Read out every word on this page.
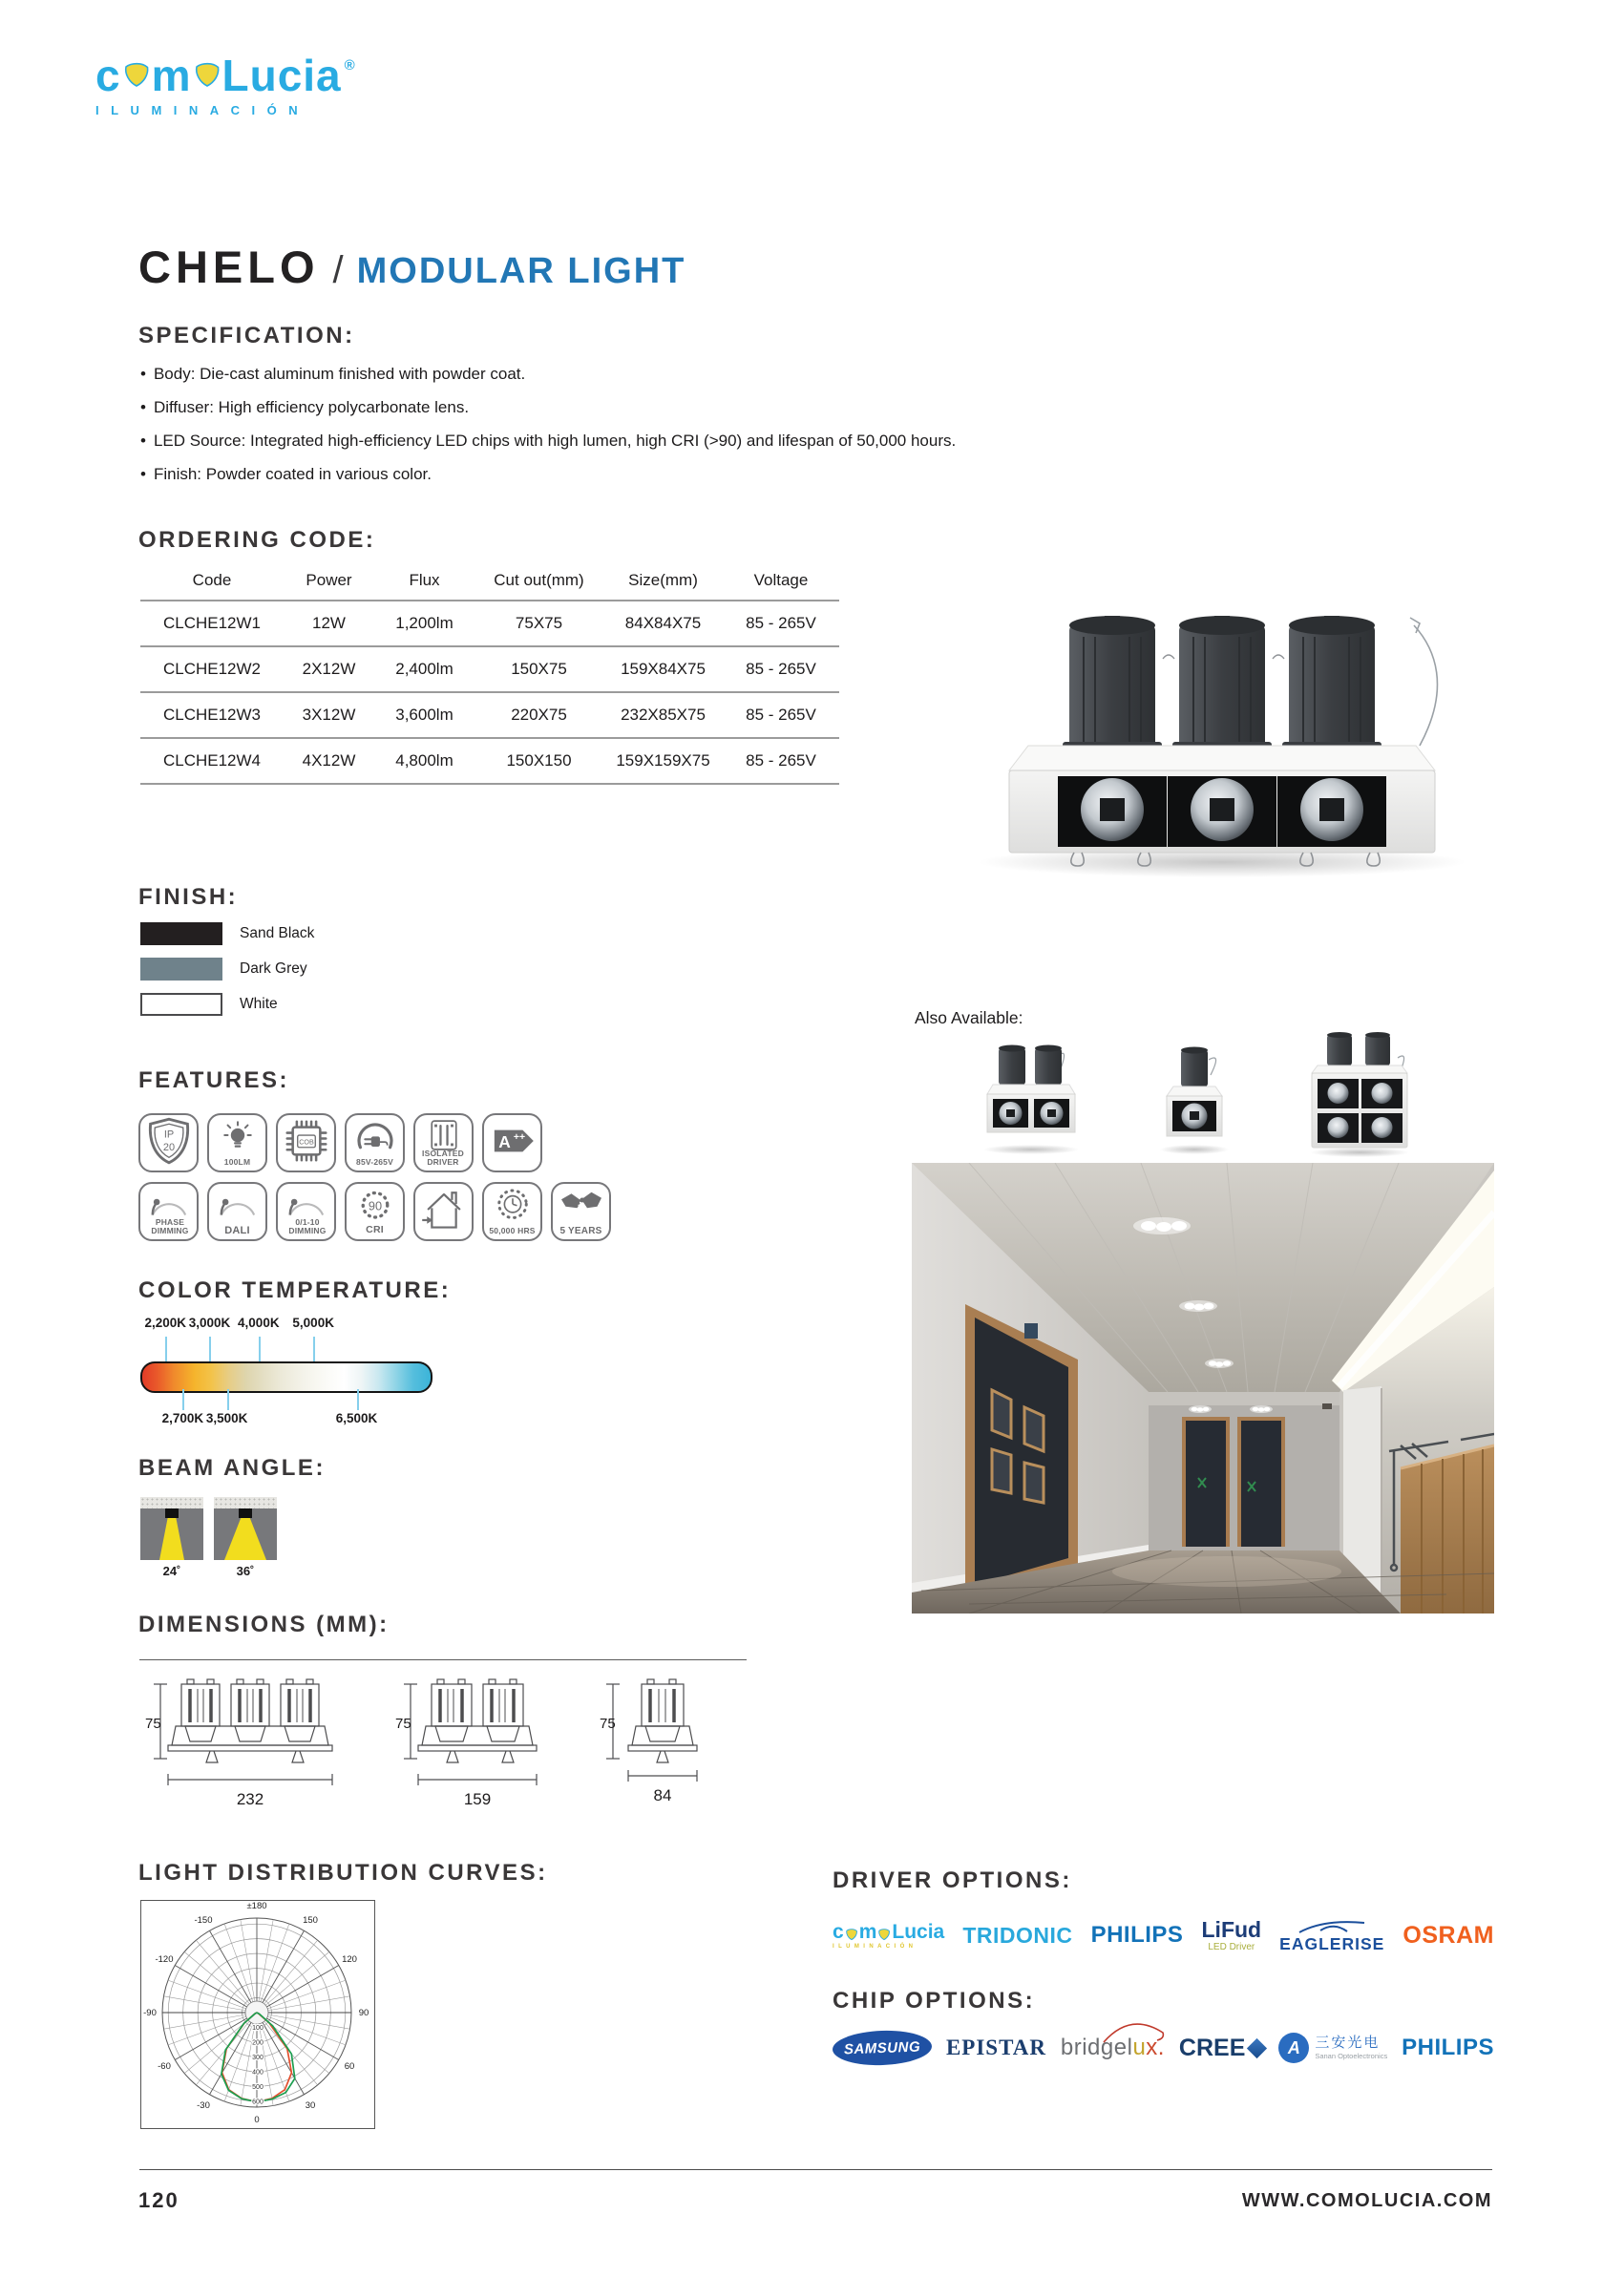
c m Lucia ®
ILUMINACIÓN
CHELO / MODULAR LIGHT
SPECIFICATION:
• Body: Die-cast aluminum finished with powder coat.
• Diffuser: High efficiency polycarbonate lens.
• LED Source: Integrated high-efficiency LED chips with high lumen, high CRI (>90) and lifespan of 50,000 hours.
• Finish: Powder coated in various color.
ORDERING CODE:
Code	Power	Flux	Cut out(mm)	Size(mm)	Voltage
CLCHE12W1	12W	1,200lm	75X75	84X84X75	85 - 265V
CLCHE12W2	2X12W	2,400lm	150X75	159X84X75	85 - 265V
CLCHE12W3	3X12W	3,600lm	220X75	232X85X75	85 - 265V
CLCHE12W4	4X12W	4,800lm	150X150	159X159X75	85 - 265V
FINISH:
Sand Black
Dark Grey
White
Also Available:
FEATURES:
IP
20
100LM
COB
85V-265V
ISOLATED DRIVER
A ++
PHASE DIMMING	DALI
0/1-10 DIMMING
90
CRI	50,000 HRS	5 YEARS
COLOR TEMPERATURE:
2,200K 3,000K 4,000K 5,000K
2,700K 3,500K	6,500K
BEAM ANGLE:
24˚	36˚
DIMENSIONS (MM):
75
232
75
159
75
84
LIGHT DISTRIBUTION CURVES:
100
200
300
400
500
600
±180
150
-150
120
-120
90
-90
60
-60
30
-30
0
DRIVER OPTIONS:
c m Lucia
ILUMINACIÓN	TRIDONIC PHILIPS LiFud
LED Driver	EAGLERISE OSRAM
CHIP OPTIONS:
SAMSUNG EPISTAR bridgelux. CREE	A	三安光电
Sanan Optoelectronics PHILIPS
120	WWW.COMOLUCIA.COM
